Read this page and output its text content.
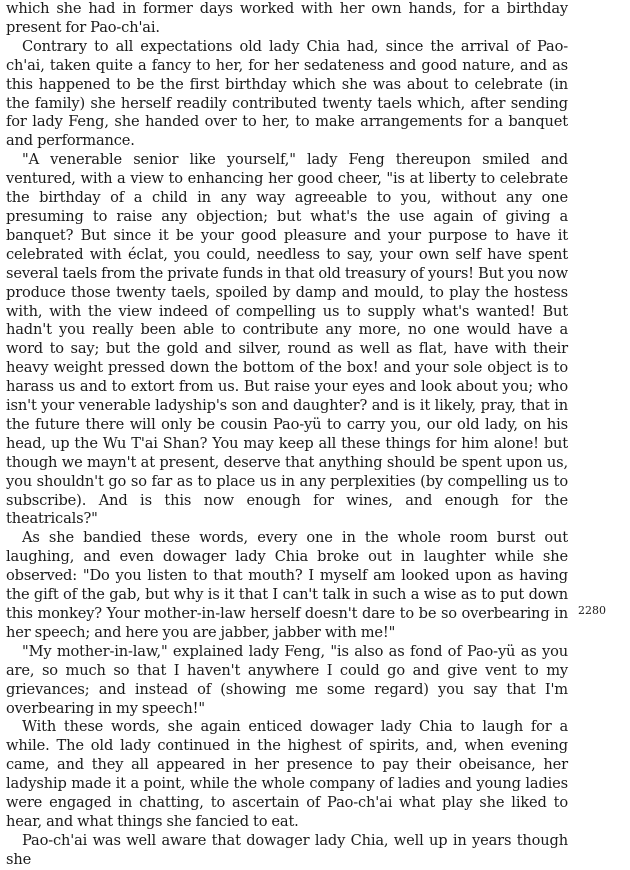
which she had in former days worked with her own hands, for a birthday present for Pao-ch'ai.

Contrary to all expectations old lady Chia had, since the arrival of Pao-ch'ai, taken quite a fancy to her, for her sedateness and good nature, and as this happened to be the first birthday which she was about to celebrate (in the family) she herself readily contributed twenty taels which, after sending for lady Feng, she handed over to her, to make arrangements for a banquet and performance.

"A venerable senior like yourself," lady Feng thereupon smiled and ventured, with a view to enhancing her good cheer, "is at liberty to celebrate the birthday of a child in any way agreeable to you, without any one presuming to raise any objection; but what's the use again of giving a banquet? But since it be your good pleasure and your purpose to have it celebrated with éclat, you could, needless to say, your own self have spent several taels from the private funds in that old treasury of yours! But you now produce those twenty taels, spoiled by damp and mould, to play the hostess with, with the view indeed of compelling us to supply what's wanted! But hadn't you really been able to contribute any more, no one would have a word to say; but the gold and silver, round as well as flat, have with their heavy weight pressed down the bottom of the box! and your sole object is to harass us and to extort from us. But raise your eyes and look about you; who isn't your venerable ladyship's son and daughter? and is it likely, pray, that in the future there will only be cousin Pao-yü to carry you, our old lady, on his head, up the Wu T'ai Shan? You may keep all these things for him alone! but though we mayn't at present, deserve that anything should be spent upon us, you shouldn't go so far as to place us in any perplexities (by compelling us to subscribe). And is this now enough for wines, and enough for the theatricals?"

As she bandied these words, every one in the whole room burst out laughing, and even dowager lady Chia broke out in laughter while she observed: "Do you listen to that mouth? I myself am looked upon as having the gift of the gab, but why is it that I can't talk in such a wise as to put down this monkey? Your mother-in-law herself doesn't dare to be so overbearing in her speech; and here you are jabber, jabber with me!"

"My mother-in-law," explained lady Feng, "is also as fond of Pao-yü as you are, so much so that I haven't anywhere I could go and give vent to my grievances; and instead of (showing me some regard) you say that I'm overbearing in my speech!"

With these words, she again enticed dowager lady Chia to laugh for a while. The old lady continued in the highest of spirits, and, when evening came, and they all appeared in her presence to pay their obeisance, her ladyship made it a point, while the whole company of ladies and young ladies were engaged in chatting, to ascertain of Pao-ch'ai what play she liked to hear, and what things she fancied to eat.

Pao-ch'ai was well aware that dowager lady Chia, well up in years though she

2280
